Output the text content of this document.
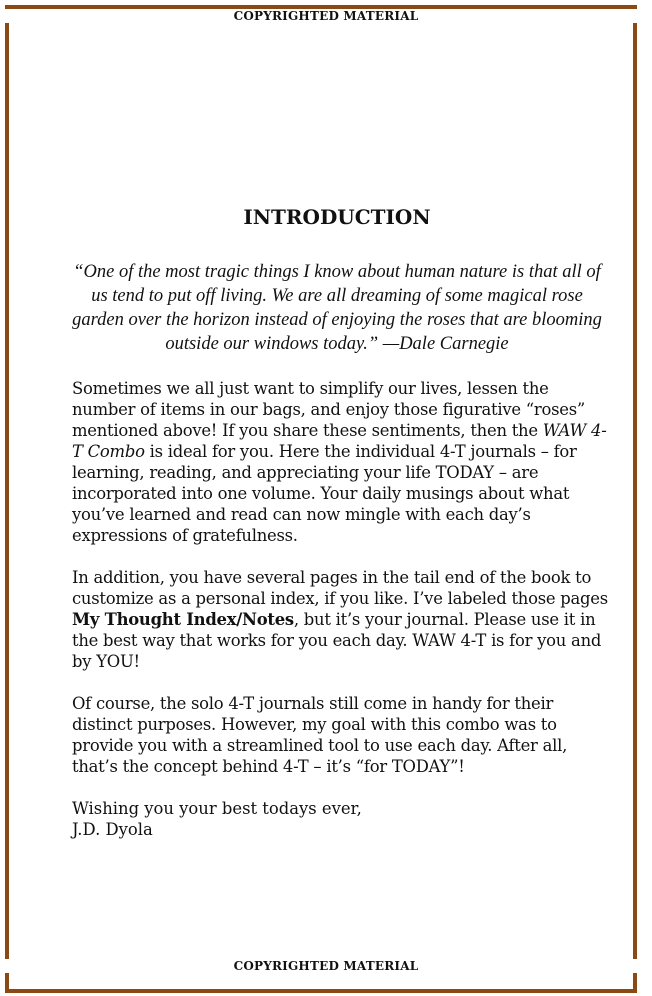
COPYRIGHTED MATERIAL
INTRODUCTION
“One of the most tragic things I know about human nature is that all of us tend to put off living. We are all dreaming of some magical rose garden over the horizon instead of enjoying the roses that are blooming outside our windows today.” —Dale Carnegie

Sometimes we all just want to simplify our lives, lessen the number of items in our bags, and enjoy those figurative “roses” mentioned above! If you share these sentiments, then the WAW 4-T Combo is ideal for you. Here the individual 4-T journals – for learning, reading, and appreciating your life TODAY – are incorporated into one volume. Your daily musings about what you’ve learned and read can now mingle with each day’s expressions of gratefulness.

In addition, you have several pages in the tail end of the book to customize as a personal index, if you like. I’ve labeled those pages My Thought Index/Notes, but it’s your journal. Please use it in the best way that works for you each day. WAW 4-T is for you and by YOU!

Of course, the solo 4-T journals still come in handy for their distinct purposes. However, my goal with this combo was to provide you with a streamlined tool to use each day. After all, that’s the concept behind 4-T – it’s “for TODAY”!

Wishing you your best todays ever,
J.D. Dyola
COPYRIGHTED MATERIAL
